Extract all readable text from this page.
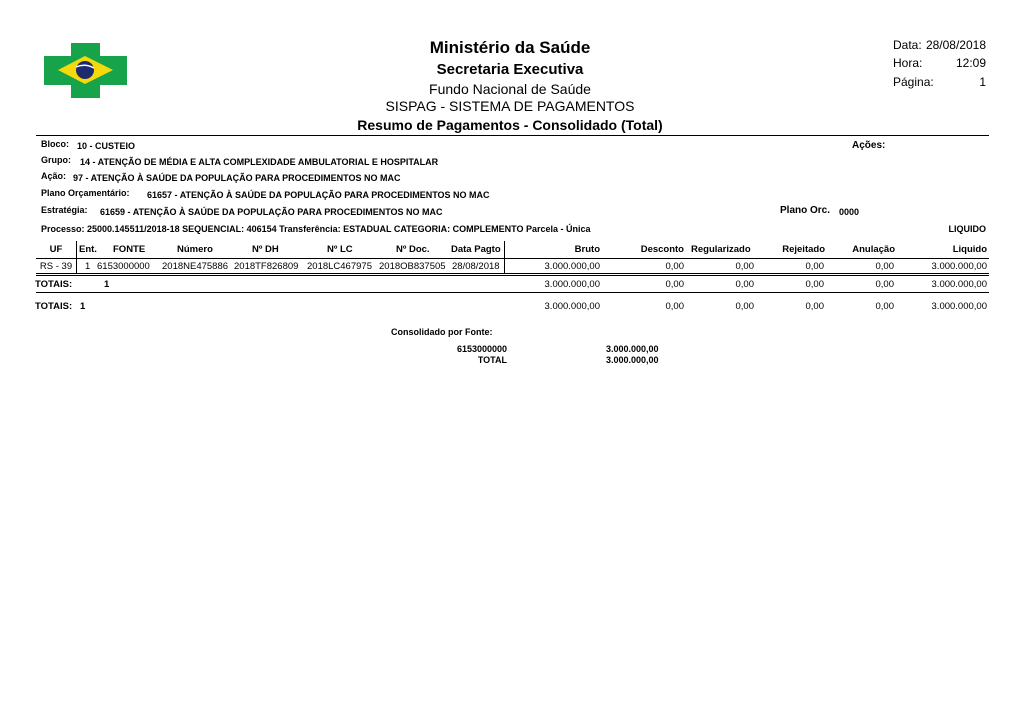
Ministério da Saúde
Secretaria Executiva
Fundo Nacional de Saúde
SISPAG - SISTEMA DE PAGAMENTOS
Resumo de Pagamentos - Consolidado (Total)
Data: 28/08/2018
Hora:	12:09
Página:	1
Bloco: 10 - CUSTEIO	Ações:
Grupo: 14 - ATENÇÃO DE MÉDIA E ALTA COMPLEXIDADE AMBULATORIAL E HOSPITALAR
Ação: 97 - ATENÇÃO À SAÚDE DA POPULAÇÃO PARA PROCEDIMENTOS NO MAC
Plano Orçamentário: 61657 - ATENÇÃO À SAÚDE DA POPULAÇÃO PARA PROCEDIMENTOS NO MAC
Estratégia: 61659 - ATENÇÃO À SAÚDE DA POPULAÇÃO PARA PROCEDIMENTOS NO MAC	Plano Orc. 0000
Processo: 25000.145511/2018-18 SEQUENCIAL: 406154 Transferência: ESTADUAL CATEGORIA: COMPLEMENTO Parcela - Única	LIQUIDO
UF	Ent. FONTE	Número	Nº DH	Nº LC	Nº Doc. Data Pagto	Bruto	Desconto Regularizado	Rejeitado	Anulação	Liquido
RS - 39	1 6153000000 2018NE475886 2018TF826809 2018LC467975 2018OB837505 28/08/2018	3.000.000,00	0,00	0,00	0,00	0,00	3.000.000,00
TOTAIS:	1	3.000.000,00	0,00	0,00	0,00	0,00	3.000.000,00
TOTAIS: 1	3.000.000,00	0,00	0,00	0,00	0,00	3.000.000,00
Consolidado por Fonte:
6153000000	3.000.000,00
TOTAL	3.000.000,00
